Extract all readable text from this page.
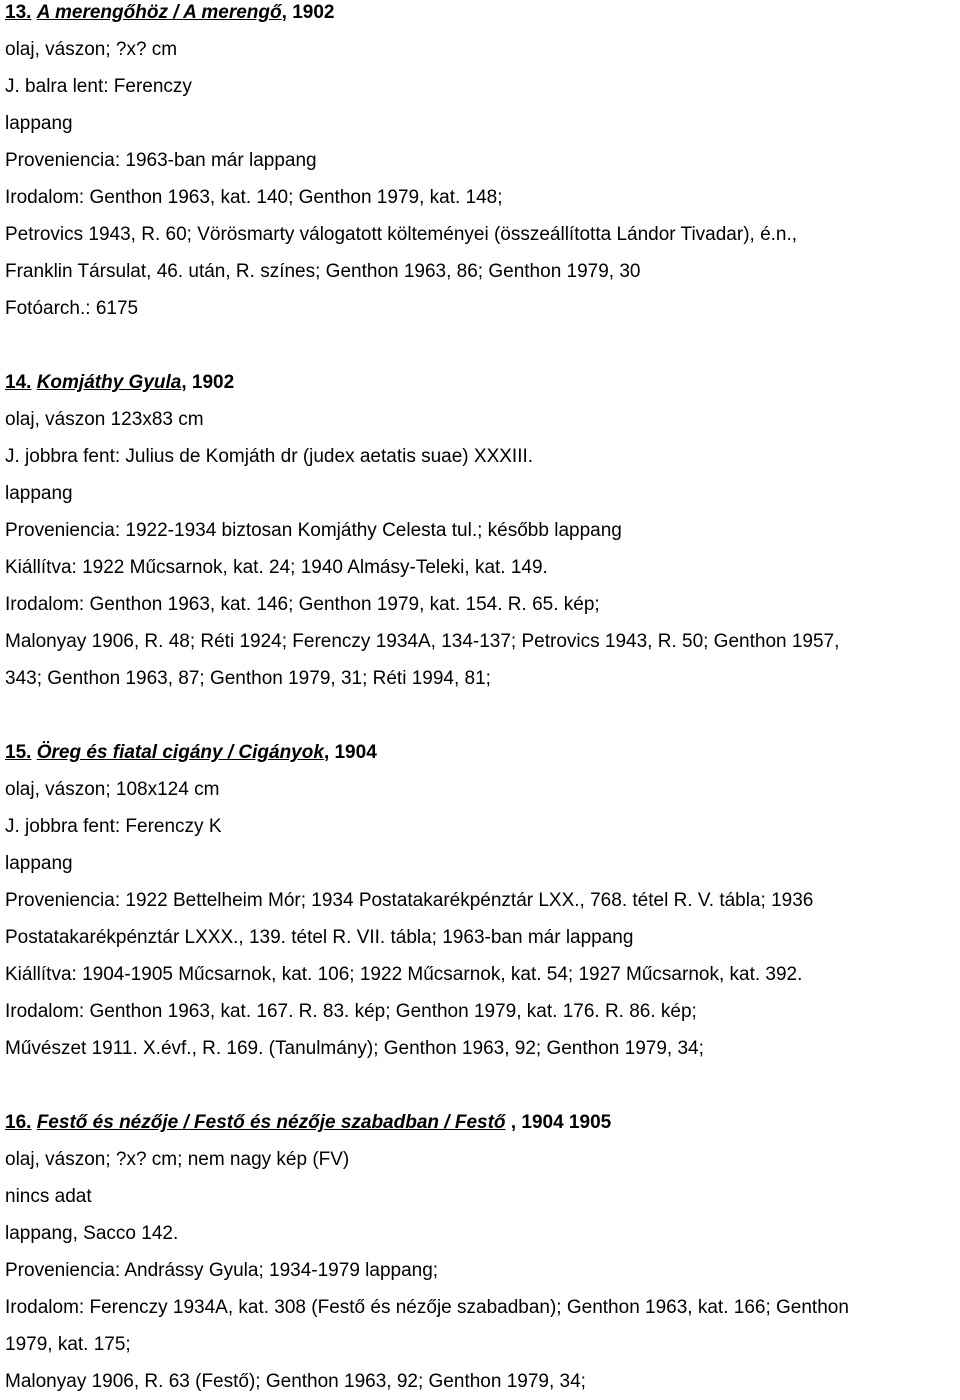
13. A merengőhöz / A merengő, 1902
olaj, vászon; ?x? cm
J. balra lent: Ferenczy
lappang
Proveniencia: 1963-ban már lappang
Irodalom: Genthon 1963, kat. 140; Genthon 1979, kat. 148;
Petrovics 1943, R. 60; Vörösmarty válogatott költeményei (összeállította Lándor Tivadar), é.n.,
Franklin Társulat, 46. után, R. színes; Genthon 1963, 86; Genthon 1979, 30
Fotóarch.: 6175
14. Komjáthy Gyula, 1902
olaj, vászon 123x83 cm
J. jobbra fent: Julius de Komjáth dr (judex aetatis suae) XXXIII.
lappang
Proveniencia: 1922-1934 biztosan Komjáthy Celesta tul.; később lappang
Kiállítva: 1922 Műcsarnok, kat. 24; 1940 Almásy-Teleki, kat. 149.
Irodalom: Genthon 1963, kat. 146; Genthon 1979, kat. 154. R. 65. kép;
Malonyay 1906, R. 48; Réti 1924; Ferenczy 1934A, 134-137; Petrovics 1943, R. 50; Genthon 1957,
343; Genthon 1963, 87; Genthon 1979, 31; Réti 1994, 81;
15. Öreg és fiatal cigány / Cigányok, 1904
olaj, vászon; 108x124 cm
J. jobbra fent: Ferenczy K
lappang
Proveniencia: 1922 Bettelheim Mór; 1934 Postatakarékpénztár LXX., 768. tétel R. V. tábla; 1936
Postatakarékpénztár LXXX., 139. tétel R. VII. tábla; 1963-ban már lappang
Kiállítva: 1904-1905 Műcsarnok, kat. 106; 1922 Műcsarnok, kat. 54; 1927 Műcsarnok, kat. 392.
Irodalom: Genthon 1963, kat. 167. R. 83. kép; Genthon 1979, kat. 176. R. 86. kép;
Művészet 1911. X.évf., R. 169. (Tanulmány); Genthon 1963, 92; Genthon 1979, 34;
16. Festő és nézője / Festő és nézője szabadban / Festő , 1904 1905
olaj, vászon; ?x? cm; nem nagy kép (FV)
nincs adat
lappang, Sacco 142.
Proveniencia: Andrássy Gyula; 1934-1979 lappang;
Irodalom: Ferenczy 1934A, kat. 308 (Festő és nézője szabadban); Genthon 1963, kat. 166; Genthon
1979, kat. 175;
Malonyay 1906, R. 63 (Festő); Genthon 1963, 92; Genthon 1979, 34;
